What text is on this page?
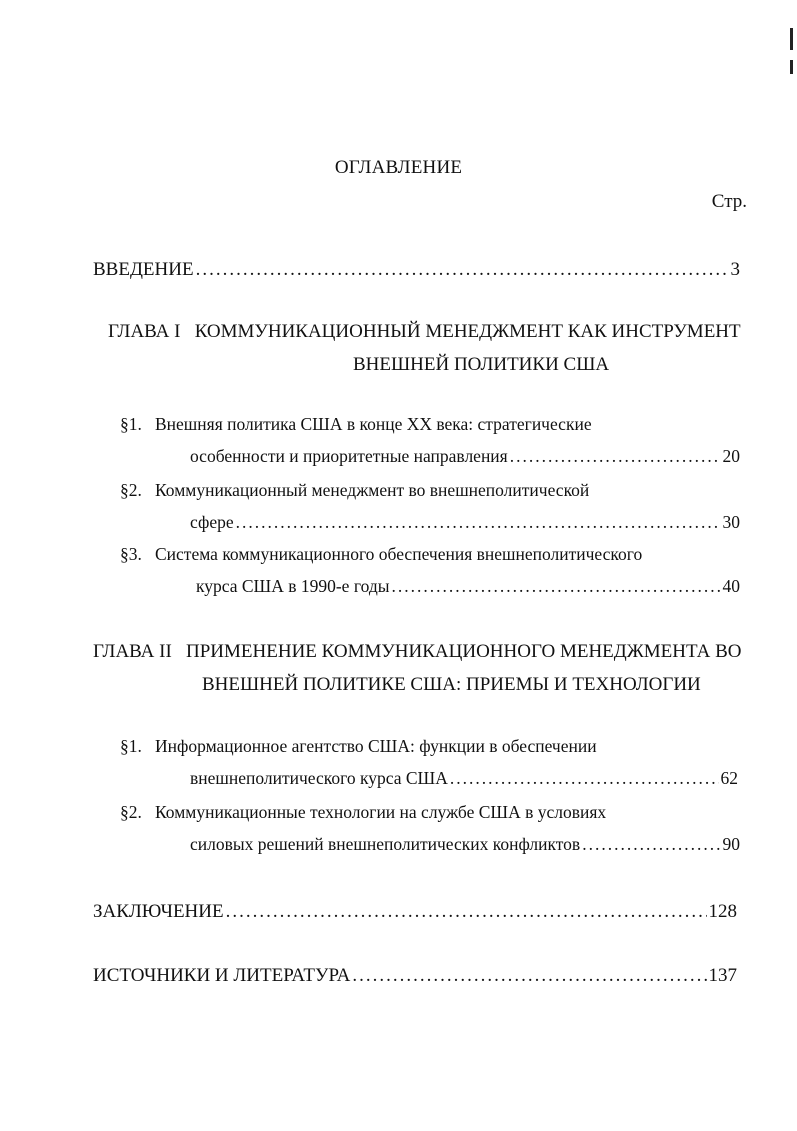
ОГЛАВЛЕНИЕ
Стр.
ВВЕДЕНИЕ .....	3
ГЛАВА I КОММУНИКАЦИОННЫЙ МЕНЕДЖМЕНТ КАК ИНСТРУМЕНТ
ВНЕШНЕЙ ПОЛИТИКИ США
§1. Внешняя политика США в конце XX века: стратегические
особенности и приоритетные направления .....	20
§2. Коммуникационный менеджмент во внешнеполитической
сфере .....	30
§3. Система коммуникационного обеспечения внешнеполитического
курса США в 1990-е годы .....	40
ГЛАВА II ПРИМЕНЕНИЕ КОММУНИКАЦИОННОГО МЕНЕДЖМЕНТА ВО
ВНЕШНЕЙ ПОЛИТИКЕ США: ПРИЕМЫ И ТЕХНОЛОГИИ
§1. Информационное агентство США: функции в обеспечении
внешнеполитического курса США .....	62
§2. Коммуникационные технологии на службе США в условиях
силовых решений внешнеполитических конфликтов .....	90
ЗАКЛЮЧЕНИЕ .....	128
ИСТОЧНИКИ И ЛИТЕРАТУРА .....	137
